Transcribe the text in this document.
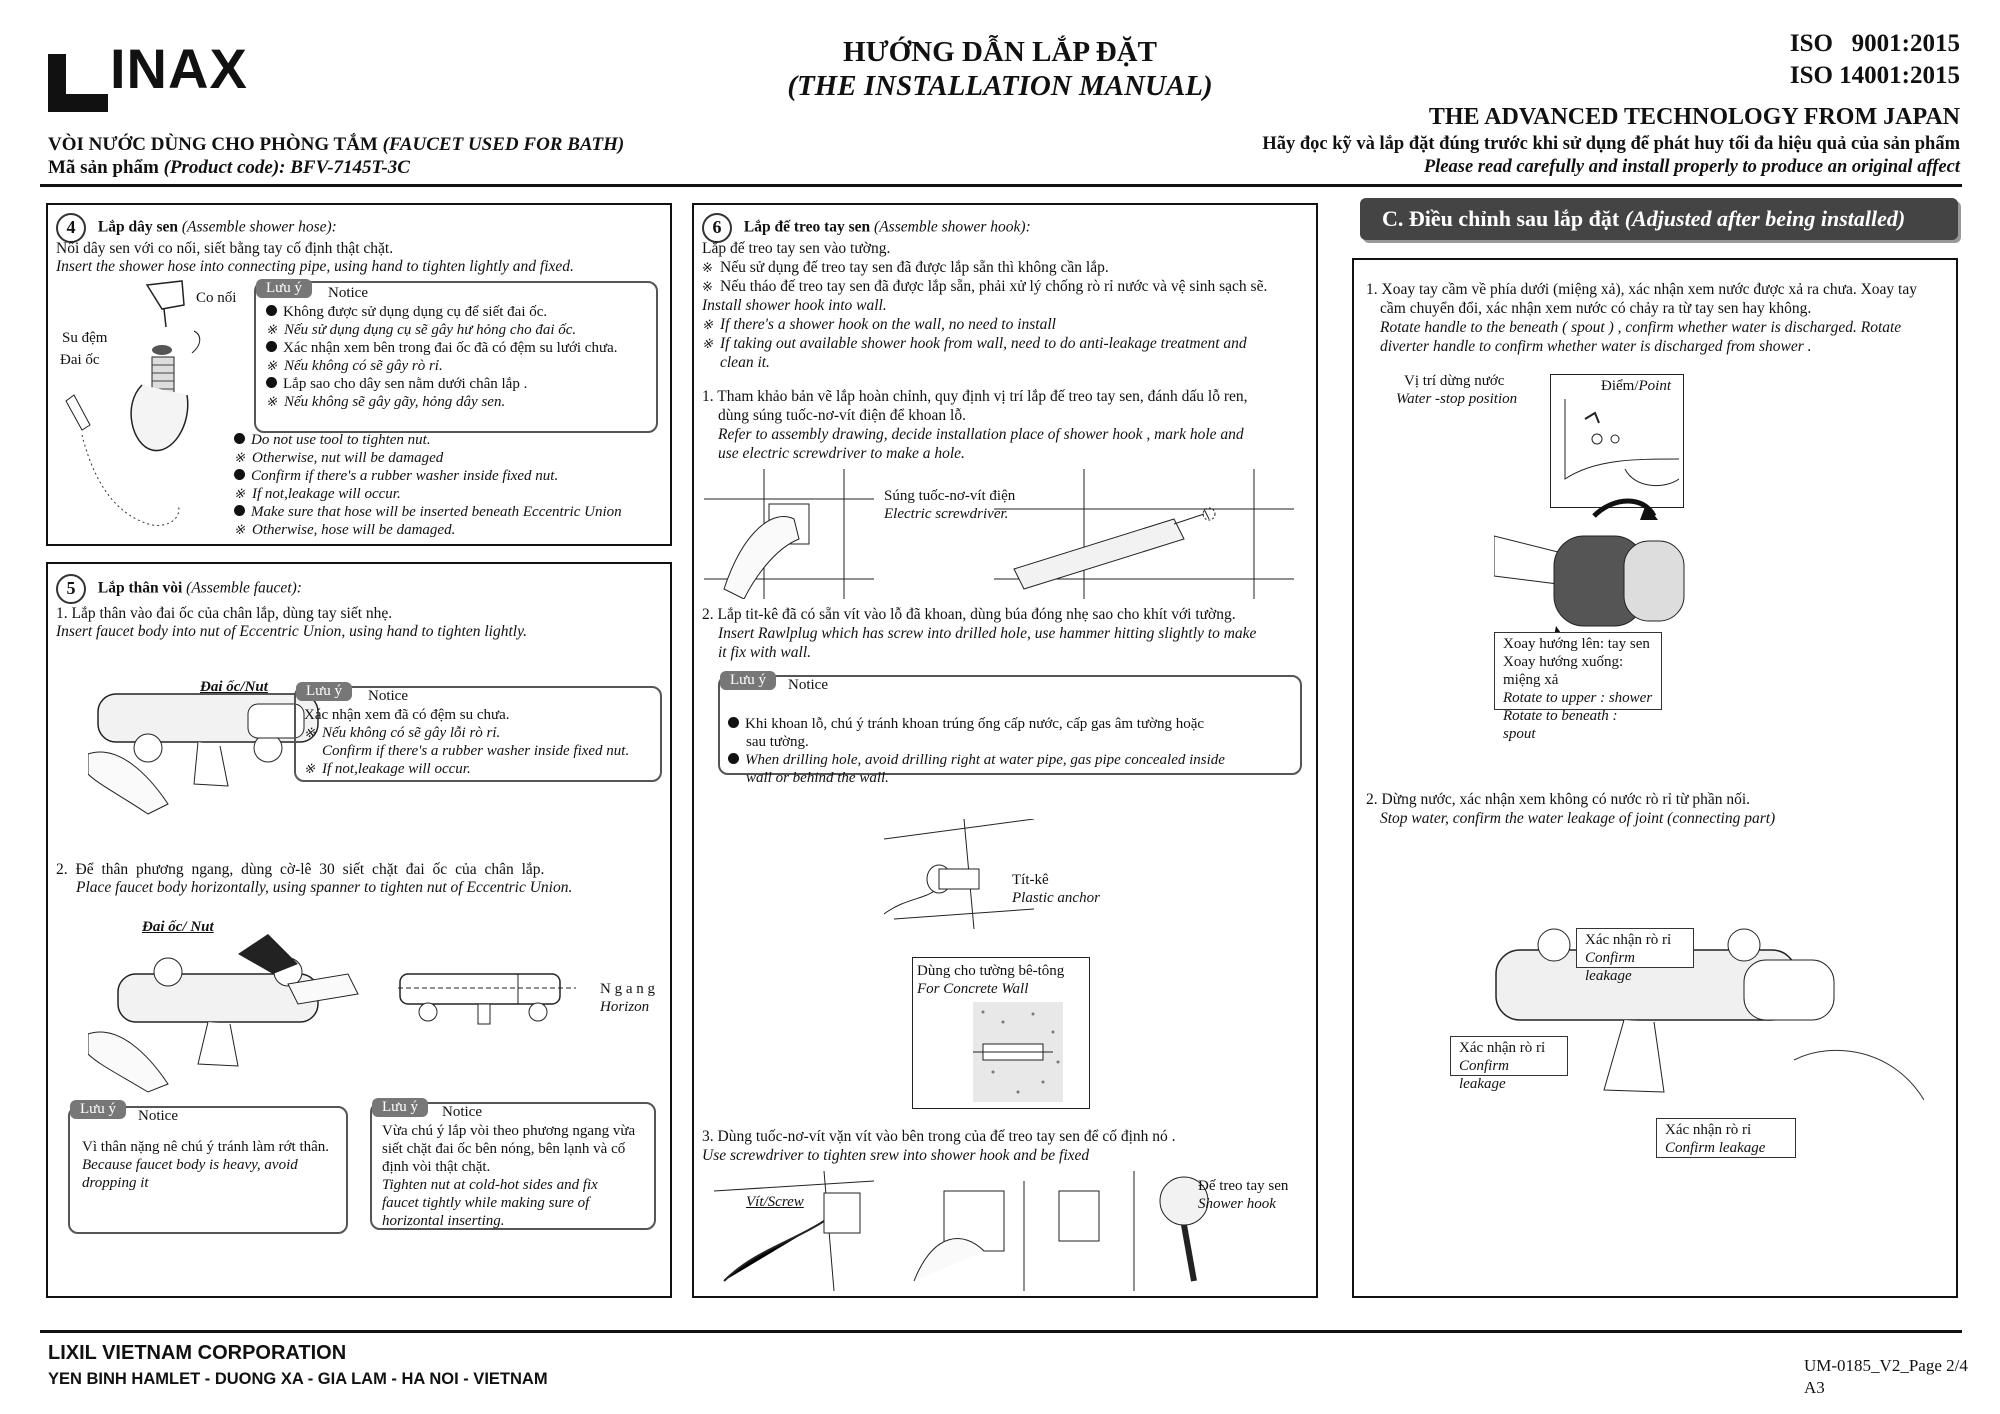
INAX	HƯỚNG DẪN LẮP ĐẶT
(THE INSTALLATION MANUAL)
ISO   9001:2015
ISO 14001:2015
THE ADVANCED TECHNOLOGY FROM JAPAN
Hãy đọc kỹ và lắp đặt đúng trước khi sử dụng để phát huy tối đa hiệu quả của sản phẩm
Please read carefully and install properly to produce an original affect
VÒI NƯỚC DÙNG CHO PHÒNG TẮM (FAUCET USED FOR BATH)
Mã sản phẩm (Product code): BFV-7145T-3C
4 Lắp dây sen (Assemble shower hose):
Nối dây sen với co nối, siết bằng tay cố định thật chặt.
Insert the shower hose into connecting pipe, using hand to tighten lightly and fixed.
Co nối
Su đệm
Đai ốc
Lưu ý	Notice
Không được sử dụng dụng cụ để siết đai ốc.
※ Nếu sử dụng dụng cụ sẽ gây hư hỏng cho đai ốc.
Xác nhận xem bên trong đai ốc đã có đệm su lưới chưa.
※ Nếu không có sẽ gây rò rỉ.
Lắp sao cho dây sen nằm dưới chân lắp .
※ Nếu không sẽ gây gãy, hỏng dây sen.
Do not use tool to tighten nut.
※ Otherwise, nut will be damaged
Confirm if there's a rubber washer inside fixed nut.
※ If not,leakage will occur.
Make sure that hose will be inserted beneath Eccentric Union
※ Otherwise, hose will be damaged.
5 Lắp thân vòi (Assemble faucet):
1. Lắp thân vào đai ốc của chân lắp, dùng tay siết nhẹ.
Insert faucet body into nut of Eccentric Union, using hand to tighten lightly.
Đai ốc/Nut	Lưu ý	Notice
Xác nhận xem đã có đệm su chưa.
※ Nếu không có sẽ gây lỗi rò rỉ.
Confirm if there's a rubber washer inside fixed nut.
※ If not,leakage will occur.
2. Để thân phương ngang, dùng cờ-lê 30 siết chặt đai ốc của chân lắp.
Place faucet body horizontally, using spanner to tighten nut of Eccentric Union.
Đai ốc/ Nut
N g a n g
Horizon
Lưu ý	Notice
Vì thân nặng nê chú ý tránh làm rớt thân.
Because faucet body is heavy, avoid
dropping it
Lưu ý	Notice
Vừa chú ý lắp vòi theo phương ngang vừa
siết chặt đai ốc bên nóng, bên lạnh và cố
định vòi thật chặt.
Tighten nut at cold-hot sides and fix
faucet tightly while making sure of
horizontal inserting.
6 Lắp đế treo tay sen (Assemble shower hook):
Lắp đế treo tay sen vào tường.
※ Nếu sử dụng đế treo tay sen đã được lắp sẵn thì không cần lắp.
※ Nếu tháo đế treo tay sen đã được lắp sẵn, phải xử lý chống rò rỉ nước và vệ sinh sạch sẽ.
Install shower hook into wall.
※ If there's a shower hook on the wall, no need to install
※ If taking out available shower hook from wall, need to do anti-leakage treatment and
clean it.
1. Tham khảo bản vẽ lắp hoàn chỉnh, quy định vị trí lắp đế treo tay sen, đánh dấu lỗ ren,
dùng súng tuốc-nơ-vít điện để khoan lỗ.
Refer to assembly drawing, decide installation place of shower hook , mark hole and
use electric screwdriver to make a hole.
Súng tuốc-nơ-vít điện
Electric screwdriver.
2. Lắp tit-kê đã có sẵn vít vào lỗ đã khoan, dùng búa đóng nhẹ sao cho khít với tường.
Insert Rawlplug which has screw into drilled hole, use hammer hitting slightly to make
it fix with wall.
Lưu ý	Notice
Khi khoan lỗ, chú ý tránh khoan trúng ống cấp nước, cấp gas âm tường hoặc
sau tường.
When drilling hole, avoid drilling right at water pipe, gas pipe concealed inside
wall or behind the wall.
Tít-kê
Plastic anchor
Dùng cho tường bê-tông
For Concrete Wall
3. Dùng tuốc-nơ-vít vặn vít vào bên trong của đế treo tay sen để cố định nó .
Use screwdriver to tighten srew into shower hook and be fixed
Vít/Screw
Đế treo tay sen
Shower hook
C. Điều chỉnh sau lắp đặt (Adjusted after being installed)
1. Xoay tay cầm về phía dưới (miệng xả), xác nhận xem nước được xả ra chưa. Xoay tay
cầm chuyển đổi, xác nhận xem nước có chảy ra từ tay sen hay không.
Rotate handle to the beneath ( spout ) , confirm whether water is discharged. Rotate
diverter handle to confirm whether water is discharged from shower .
Vị trí dừng nước
Water -stop position
Điểm/Point
Xoay hướng lên: tay sen
Xoay hướng xuống: miệng xả
Rotate to upper : shower
Rotate to beneath : spout
2. Dừng nước, xác nhận xem không có nước rò rỉ từ phần nối.
Stop water, confirm the water leakage of joint (connecting part)
Xác nhận rò rỉ
Confirm leakage
Xác nhận rò rỉ
Confirm leakage
Xác nhận rò rỉ
Confirm leakage
LIXIL VIETNAM CORPORATION
YEN BINH HAMLET - DUONG XA - GIA LAM - HA NOI - VIETNAM
UM-0185_V2_Page 2/4
A3
